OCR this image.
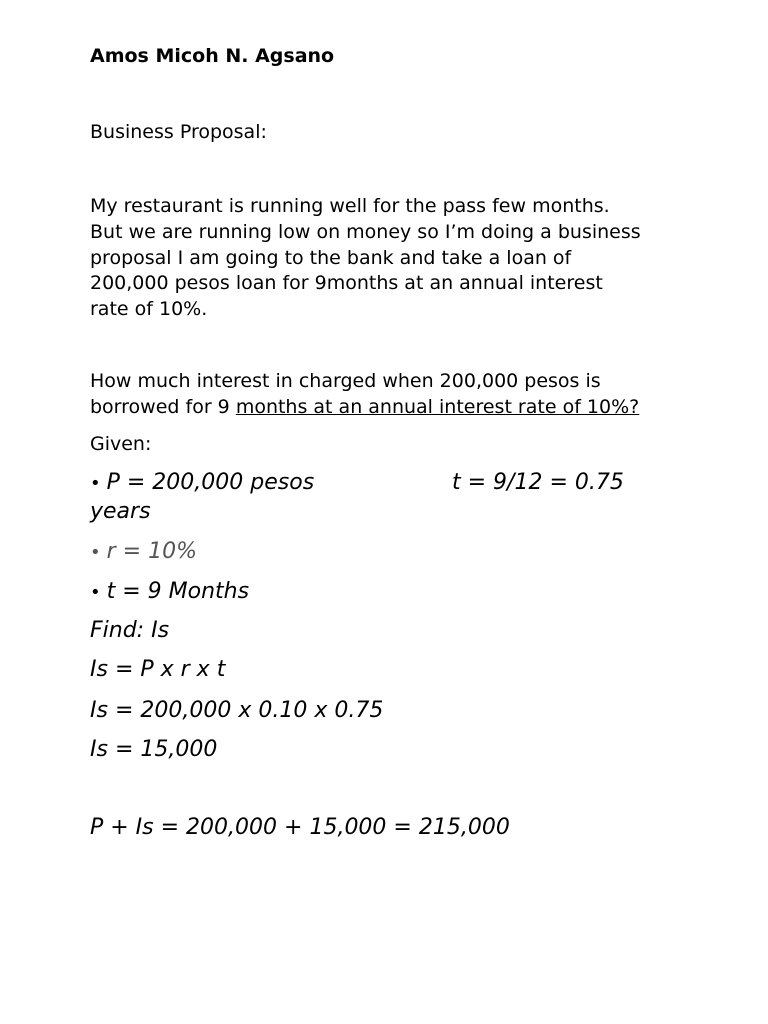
Amos Micoh N. Agsano
Business Proposal:
My restaurant is running well for the pass few months.
But we are running low on money so I’m doing a business
proposal I am going to the bank and take a loan of
200,000 pesos loan for 9months at an annual interest
rate of 10%.
How much interest in charged when 200,000 pesos is
borrowed for 9 months at an annual interest rate of 10%?
Given:
• P = 200,000 pesos	t = 9/12 = 0.75
years
• r = 10%
• t = 9 Months
Find: Is
Is = P x r x t
Is = 200,000 x 0.10 x 0.75
Is = 15,000
P + Is = 200,000 + 15,000 = 215,000
